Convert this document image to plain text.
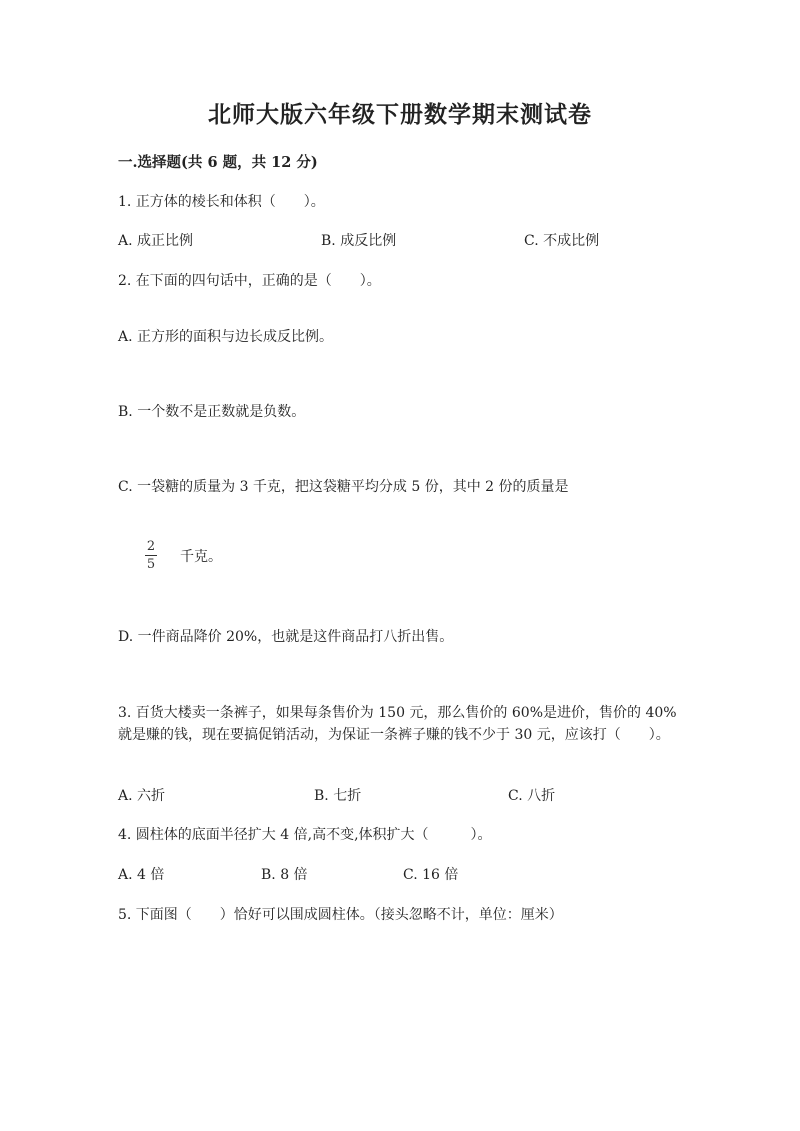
北师大版六年级下册数学期末测试卷
一.选择题(共 6 题，共 12 分)
1. 正方体的棱长和体积（　　）。
A. 成正比例	B. 成反比例	C. 不成比例
2. 在下面的四句话中，正确的是（　　）。
A. 正方形的面积与边长成反比例。
B. 一个数不是正数就是负数。
C. 一袋糖的质量为 3 千克，把这袋糖平均分成 5 份，其中 2 份的质量是
2
5 千克。
D. 一件商品降价 20%，也就是这件商品打八折出售。
3. 百货大楼卖一条裤子，如果每条售价为 150 元，那么售价的 60%是进价，售价的 40%就是赚的钱，现在要搞促销活动，为保证一条裤子赚的钱不少于 30 元，应该打（　　）。
A. 六折	B. 七折	C. 八折
4. 圆柱体的底面半径扩大 4 倍,高不变,体积扩大（　　　）。
A. 4 倍	B. 8 倍	C. 16 倍
5. 下面图（　　）恰好可以围成圆柱体。（接头忽略不计，单位：厘米）
